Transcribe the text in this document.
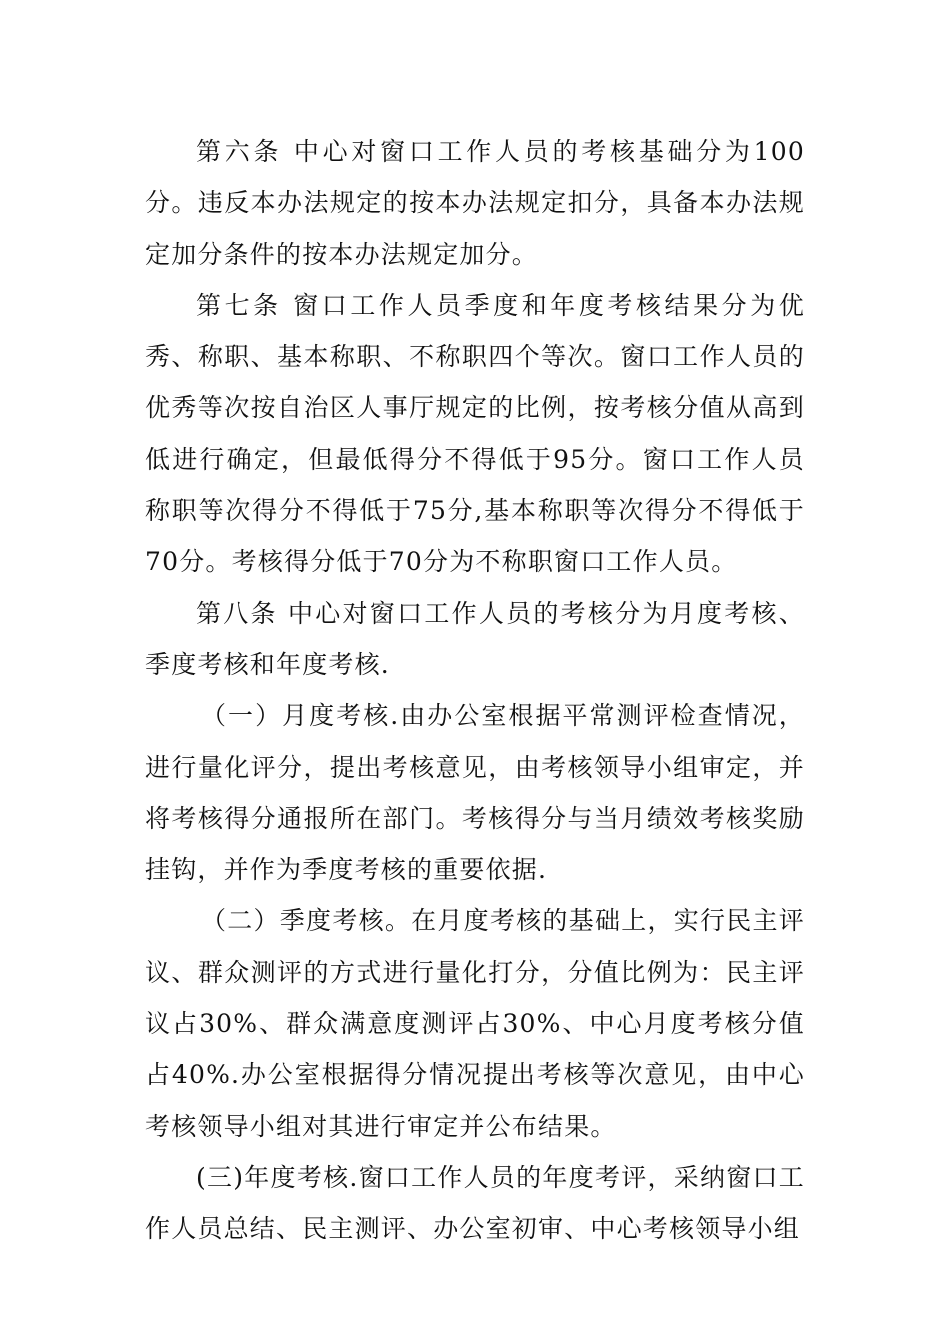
第六条 中心对窗口工作人员的考核基础分为100分。违反本办法规定的按本办法规定扣分，具备本办法规定加分条件的按本办法规定加分。

第七条 窗口工作人员季度和年度考核结果分为优秀、称职、基本称职、不称职四个等次。窗口工作人员的优秀等次按自治区人事厅规定的比例，按考核分值从高到低进行确定，但最低得分不得低于95分。窗口工作人员称职等次得分不得低于75分,基本称职等次得分不得低于70分。考核得分低于70分为不称职窗口工作人员。

第八条 中心对窗口工作人员的考核分为月度考核、季度考核和年度考核.

（一）月度考核.由办公室根据平常测评检查情况，进行量化评分，提出考核意见，由考核领导小组审定，并将考核得分通报所在部门。考核得分与当月绩效考核奖励挂钩，并作为季度考核的重要依据.

（二）季度考核。在月度考核的基础上，实行民主评议、群众测评的方式进行量化打分，分值比例为：民主评议占30%、群众满意度测评占30%、中心月度考核分值占40%.办公室根据得分情况提出考核等次意见，由中心考核领导小组对其进行审定并公布结果。

(三)年度考核.窗口工作人员的年度考评，采纳窗口工作人员总结、民主测评、办公室初审、中心考核领导小组
